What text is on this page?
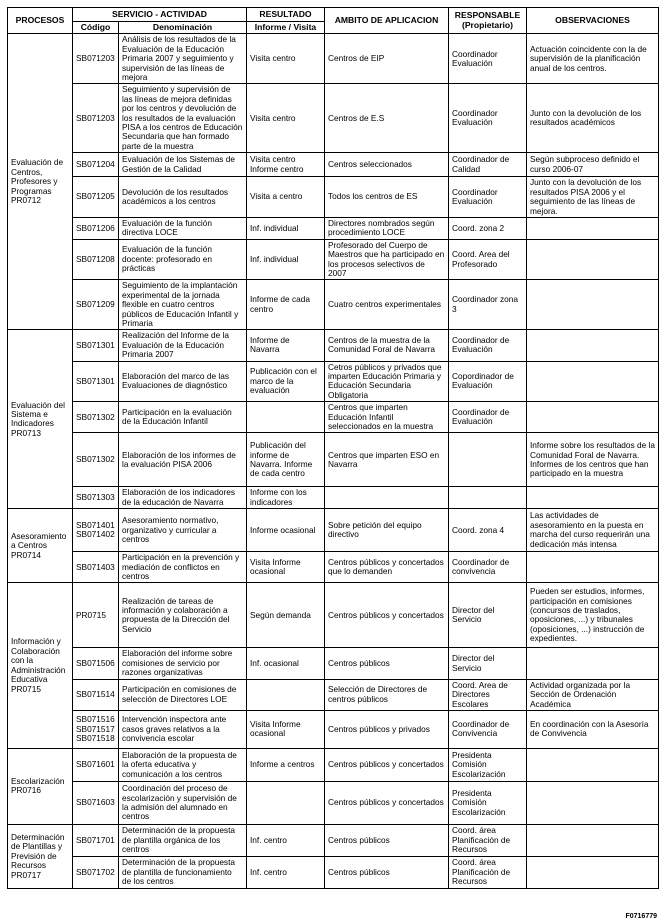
PROCESOS	SERVICIO - ACTIVIDAD		RESULTADO	AMBITO DE APLICACION	RESPONSABLE (Propietario)	OBSERVACIONES
	Código	Denominación	Informe / Visita			
Evaluación de Centros, Profesores y Programas PR0712	SB071203	Análisis de los resultados de la Evaluación de la Educación Primaria 2007 y seguimiento y supervisión de las líneas de mejora	Visita centro	Centros de EIP	Coordinador Evaluación	Actuación coincidente con la de supervisión de la planificación anual de los centros.
	SB071203	Seguimiento y supervisión de las líneas de mejora definidas por los centros y devolución de los resultados de la evaluación PISA a los centros de Educación Secundaria que han formado parte de la muestra	Visita centro	Centros de E.S	Coordinador Evaluación	Junto con la devolución de los resultados académicos
	SB071204	Evaluación de los Sistemas de Gestión de la Calidad	Visita centro Informe centro	Centros seleccionados	Coordinador de Calidad	Según subproceso definido el curso 2006-07
	SB071205	Devolución de los resultados académicos a los centros	Visita a centro	Todos los centros de ES	Coordinador Evaluación	Junto con la devolución de los resultados PISA 2006 y el seguimiento de las líneas de mejora.
	SB071206	Evaluación de la función directiva LOCE	Inf. individual	Directores nombrados según procedimiento LOCE	Coord. zona 2	
	SB071208	Evaluación de la función docente: profesorado en prácticas	Inf. individual	Profesorado del Cuerpo de Maestros que ha participado en los procesos selectivos de 2007	Coord. Area del Profesorado	
	SB071209	Seguimiento de la implantación experimental de la jornada flexible en cuatro centros públicos de Educación Infantil y Primaria	Informe de cada centro	Cuatro centros experimentales	Coordinador zona 3	
Evaluación del Sistema e Indicadores PR0713	SB071301	Realización del Informe de la Evaluación de la Educación Primaria 2007	Informe de Navarra	Centros de la muestra de la Comunidad Foral de Navarra	Coordinador de Evaluación	
	SB071301	Elaboración del marco de las Evaluaciones de diagnóstico	Publicación con el marco de la evaluación	Cetros públicos y privados que imparten Educación Primaria y Educación Secundaria Obligatoria	Copordinador de Evaluación	
	SB071302	Participación en la evaluación de la Educación Infantil		Centros que imparten Educación Infantil seleccionados en la muestra	Coordinador de Evaluación	
	SB071302	Elaboración de los informes de la evaluación PISA 2006	Publicación del informe de Navarra. Informe de cada centro	Centros que imparten ESO en Navarra		Informe sobre los resultados de la Comunidad Foral de Navarra. Informes de los centros que han participado en la muestra
	SB071303	Elaboración de los indicadores de la educación de Navarra	Informe con los indicadores			
Asesoramiento a Centros PR0714	SB071401 SB071402	Asesoramiento normativo, organizativo y curricular a centros	Informe ocasional	Sobre petición del equipo directivo	Coord. zona 4	Las actividades de asesoramiento en la puesta en marcha del curso requerirán una dedicación más intensa
	SB071403	Participación en la prevención y mediación de conflictos en centros	Visita Informe ocasional	Centros públicos y concertados que lo demanden	Coordinador de convivencia	
Información y Colaboración con la Administración Educativa PR0715	PR0715	Realización de tareas de información y colaboración a propuesta de la Dirección del Servicio	Según demanda	Centros públicos y concertados	Director del Servicio	Pueden ser estudios, informes, participación en comisiones (concursos de traslados, oposiciones, ...) y tribunales (oposiciones, ...) instrucción de expedientes.
	SB071506	Elaboración del informe sobre comisiones de servicio por razones organizativas	Inf. ocasional	Centros públicos	Director del Servicio	
	SB071514	Participación en comisiones de selección de Directores LOE		Selección de Directores de centros públicos	Coord. Area de Directores Escolares	Actividad organizada por la Sección de Ordenación Académica
	SB071516 SB071517 SB071518	Intervención inspectora ante casos graves relativos a la convivencia escolar	Visita Informe ocasional	Centros públicos y privados	Coordinador de Convivencia	En coordinación con la Asesoría de Convivencia
Escolarización PR0716	SB071601	Elaboración de la propuesta de la oferta educativa y comunicación a los centros	Informe a centros	Centros públicos y concertados	Presidenta Comisión Escolarización	
	SB071603	Coordinación del proceso de escolarización y supervisión de la admisión del alumnado en centros		Centros públicos y concertados	Presidenta Comisión Escolarización	
Determinación de Plantillas y Previsión de Recursos PR0717	SB071701	Determinación de la propuesta de plantilla orgánica de los centros	Inf. centro	Centros públicos	Coord. área Planificación de Recursos	
	SB071702	Determinación de la propuesta de plantilla de funcionamiento de los centros	Inf. centro	Centros públicos	Coord. área Planificación de Recursos	
F0716779
